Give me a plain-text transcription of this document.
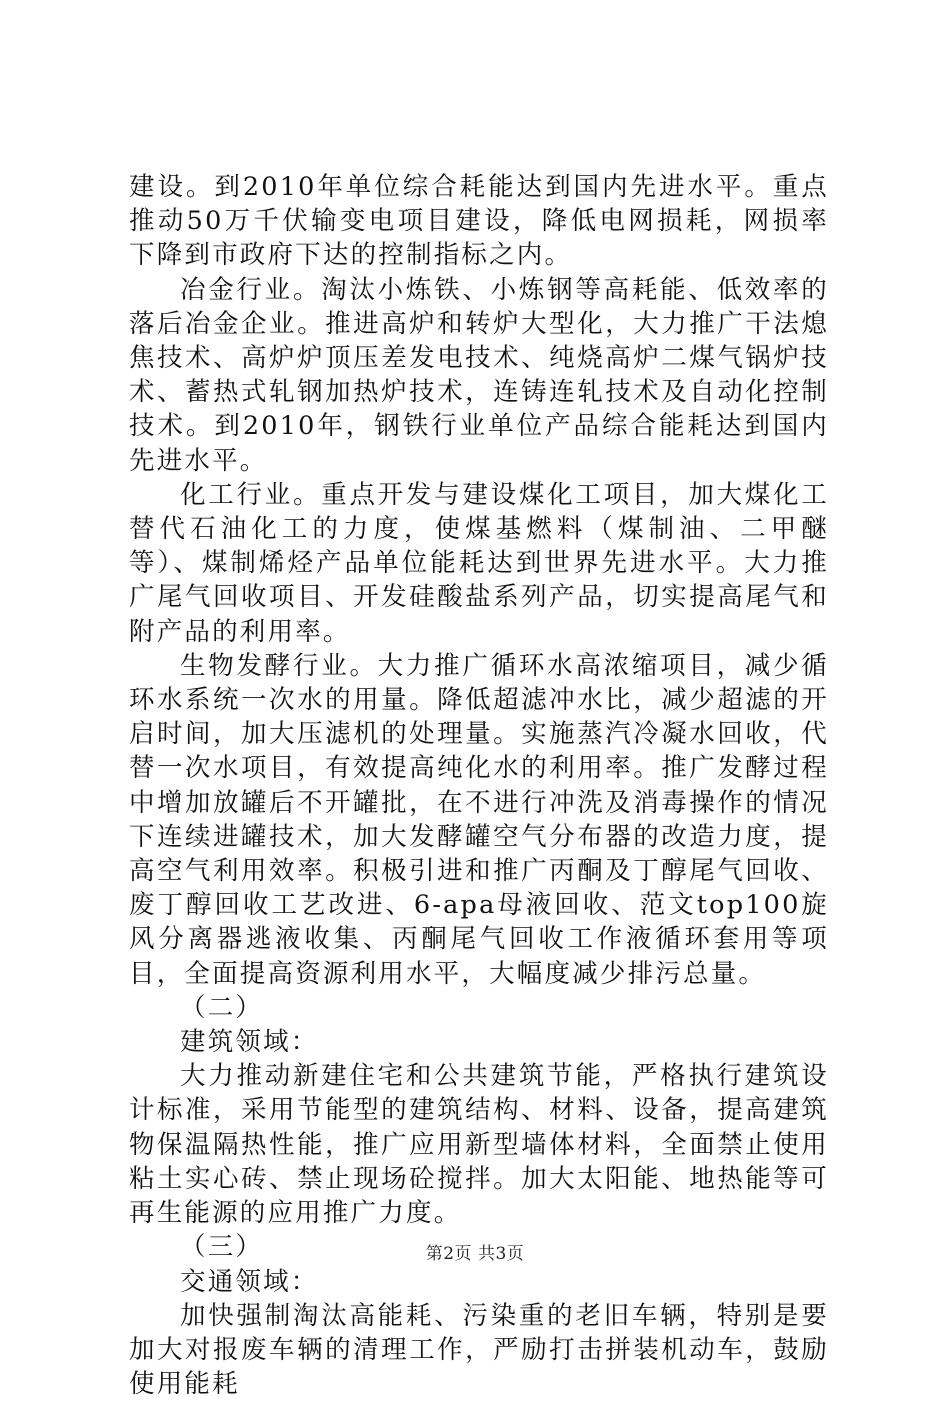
建设。到2010年单位综合耗能达到国内先进水平。重点推动50万千伏输变电项目建设，降低电网损耗，网损率下降到市政府下达的控制指标之内。

冶金行业。淘汰小炼铁、小炼钢等高耗能、低效率的落后冶金企业。推进高炉和转炉大型化，大力推广干法熄焦技术、高炉炉顶压差发电技术、纯烧高炉二煤气锅炉技术、蓄热式轧钢加热炉技术，连铸连轧技术及自动化控制技术。到2010年，钢铁行业单位产品综合能耗达到国内先进水平。

化工行业。重点开发与建设煤化工项目，加大煤化工替代石油化工的力度，使煤基燃料（煤制油、二甲醚等）、煤制烯烃产品单位能耗达到世界先进水平。大力推广尾气回收项目、开发硅酸盐系列产品，切实提高尾气和附产品的利用率。

生物发酵行业。大力推广循环水高浓缩项目，减少循环水系统一次水的用量。降低超滤冲水比，减少超滤的开启时间，加大压滤机的处理量。实施蒸汽冷凝水回收，代替一次水项目，有效提高纯化水的利用率。推广发酵过程中增加放罐后不开罐批，在不进行冲洗及消毒操作的情况下连续进罐技术，加大发酵罐空气分布器的改造力度，提高空气利用效率。积极引进和推广丙酮及丁醇尾气回收、废丁醇回收工艺改进、6-apa母液回收、范文top100旋风分离器逃液收集、丙酮尾气回收工作液循环套用等项目，全面提高资源利用水平，大幅度减少排污总量。

（二）

建筑领域：

大力推动新建住宅和公共建筑节能，严格执行建筑设计标准，采用节能型的建筑结构、材料、设备，提高建筑物保温隔热性能，推广应用新型墙体材料，全面禁止使用粘土实心砖、禁止现场砼搅拌。加大太阳能、地热能等可再生能源的应用推广力度。

（三）

交通领域：

加快强制淘汰高能耗、污染重的老旧车辆，特别是要加大对报废车辆的清理工作，严励打击拼装机动车，鼓励使用能耗

第2页 共3页
